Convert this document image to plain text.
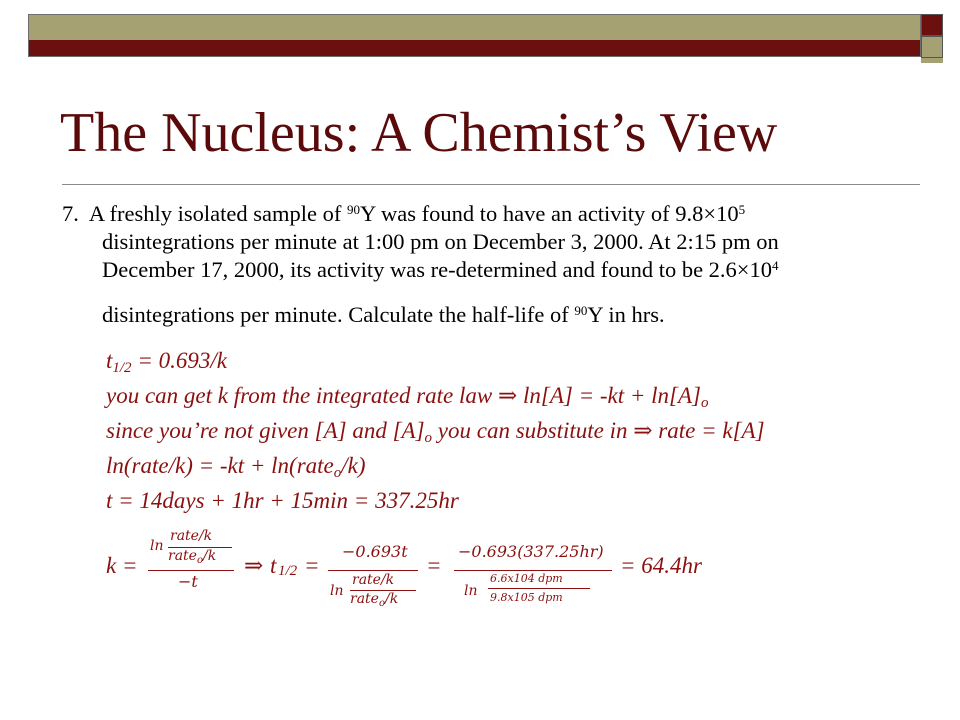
The Nucleus: A Chemist’s View

7. A freshly isolated sample of $^{90}$Y was found to have an activity of $9.8\times 10^5$

disintegrations per minute at 1:00 pm on December 3, 2000. At 2:15 pm on

December 17, 2000, its activity was re-determined and found to be $2.6\times 10^4$

disintegrations per minute. Calculate the half-life of $^{90}$Y in hrs.

t1/2 = 0.693/k

you can get k from the integrated rate law ⇒ ln[A] = -kt + ln[A]o

since you’re not given [A] and [A]o you can substitute in ⇒ rate = k[A]

ln(rate/k) = -kt + ln(rateo/k)

t = 14days + 1hr + 15min = 337.25hr

k =
ln
rate/k
rate$_o$/k
−t
⇒ t 1/2 =
−0.693t
ln
rate/k
rate$_o$/k
=
−0.693(337.25hr)
ln
6.6x104 dpm
9.8x105 dpm
= 64.4hr
